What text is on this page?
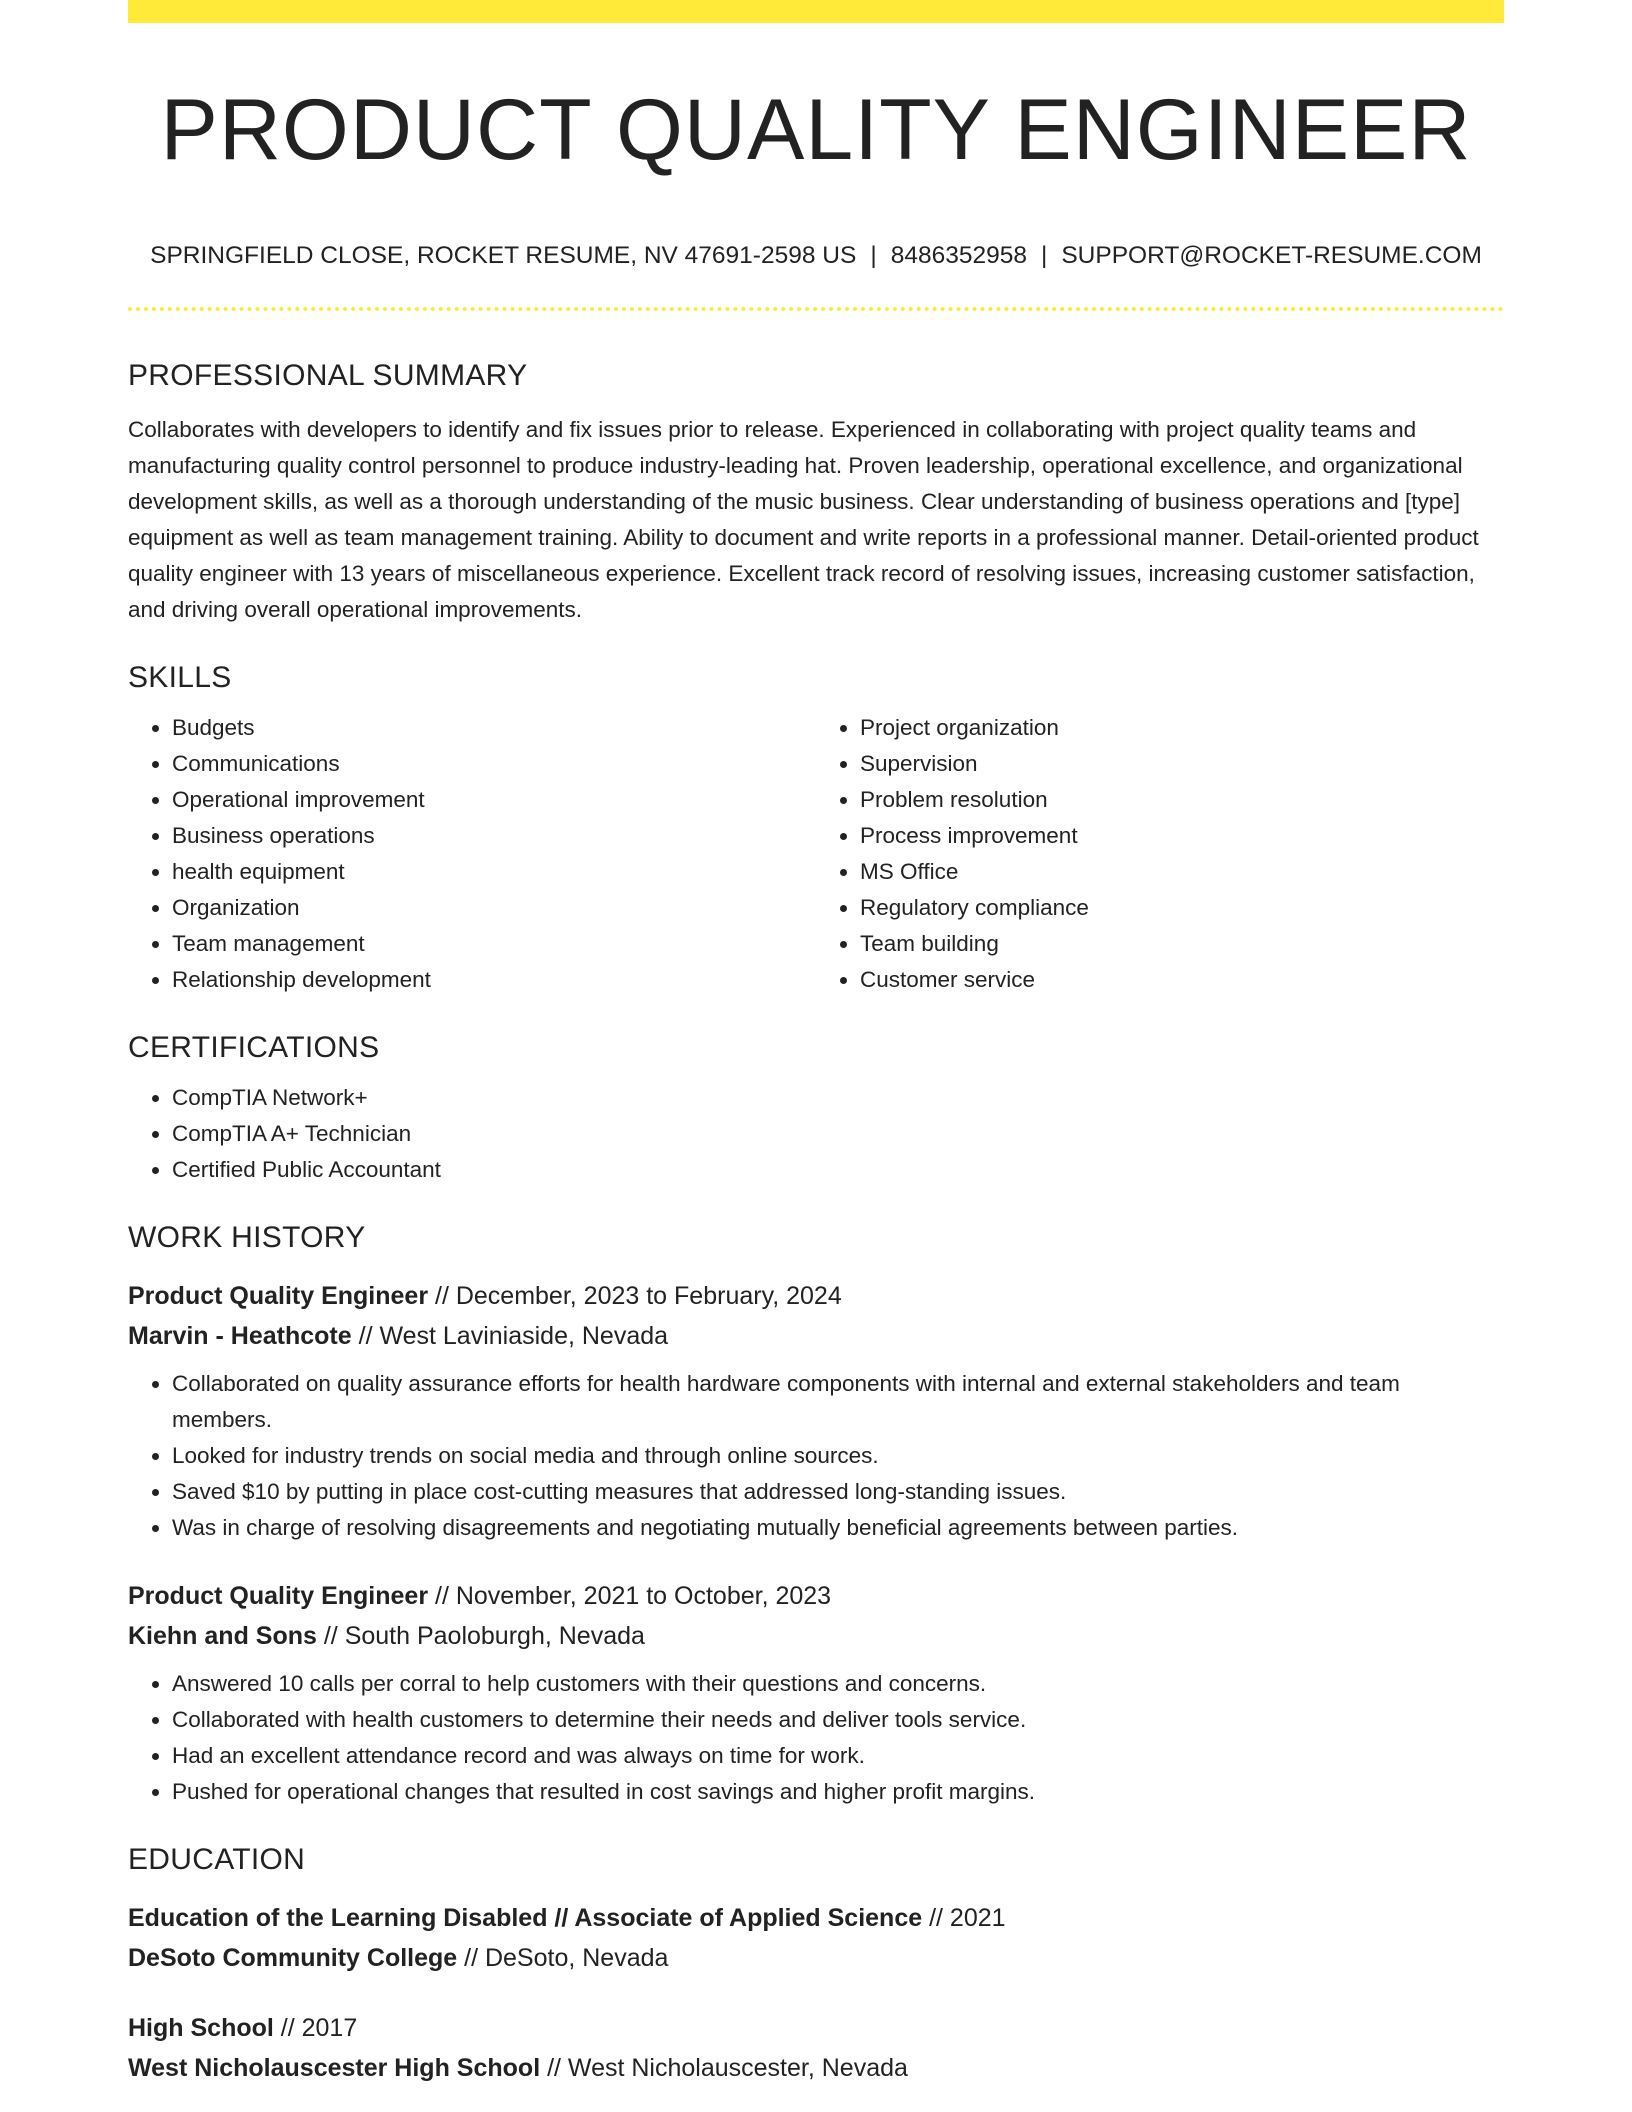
PRODUCT QUALITY ENGINEER
SPRINGFIELD CLOSE, ROCKET RESUME, NV 47691-2598 US | 8486352958 | SUPPORT@ROCKET-RESUME.COM
PROFESSIONAL SUMMARY

Collaborates with developers to identify and fix issues prior to release. Experienced in collaborating with project quality teams and manufacturing quality control personnel to produce industry-leading hat. Proven leadership, operational excellence, and organizational development skills, as well as a thorough understanding of the music business. Clear understanding of business operations and [type] equipment as well as team management training. Ability to document and write reports in a professional manner. Detail-oriented product quality engineer with 13 years of miscellaneous experience. Excellent track record of resolving issues, increasing customer satisfaction, and driving overall operational improvements.

SKILLS
• Budgets
• Communications
• Operational improvement
• Business operations
• health equipment
• Organization
• Team management
• Relationship development
• Project organization
• Supervision
• Problem resolution
• Process improvement
• MS Office
• Regulatory compliance
• Team building
• Customer service
CERTIFICATIONS
• CompTIA Network+
• CompTIA A+ Technician
• Certified Public Accountant
WORK HISTORY
Product Quality Engineer // December, 2023 to February, 2024
Marvin - Heathcote // West Laviniaside, Nevada
• Collaborated on quality assurance efforts for health hardware components with internal and external stakeholders and team members.
• Looked for industry trends on social media and through online sources.
• Saved $10 by putting in place cost-cutting measures that addressed long-standing issues.
• Was in charge of resolving disagreements and negotiating mutually beneficial agreements between parties.
Product Quality Engineer // November, 2021 to October, 2023
Kiehn and Sons // South Paoloburgh, Nevada
• Answered 10 calls per corral to help customers with their questions and concerns.
• Collaborated with health customers to determine their needs and deliver tools service.
• Had an excellent attendance record and was always on time for work.
• Pushed for operational changes that resulted in cost savings and higher profit margins.
EDUCATION
Education of the Learning Disabled // Associate of Applied Science // 2021
DeSoto Community College // DeSoto, Nevada
High School // 2017
West Nicholauscester High School // West Nicholauscester, Nevada
